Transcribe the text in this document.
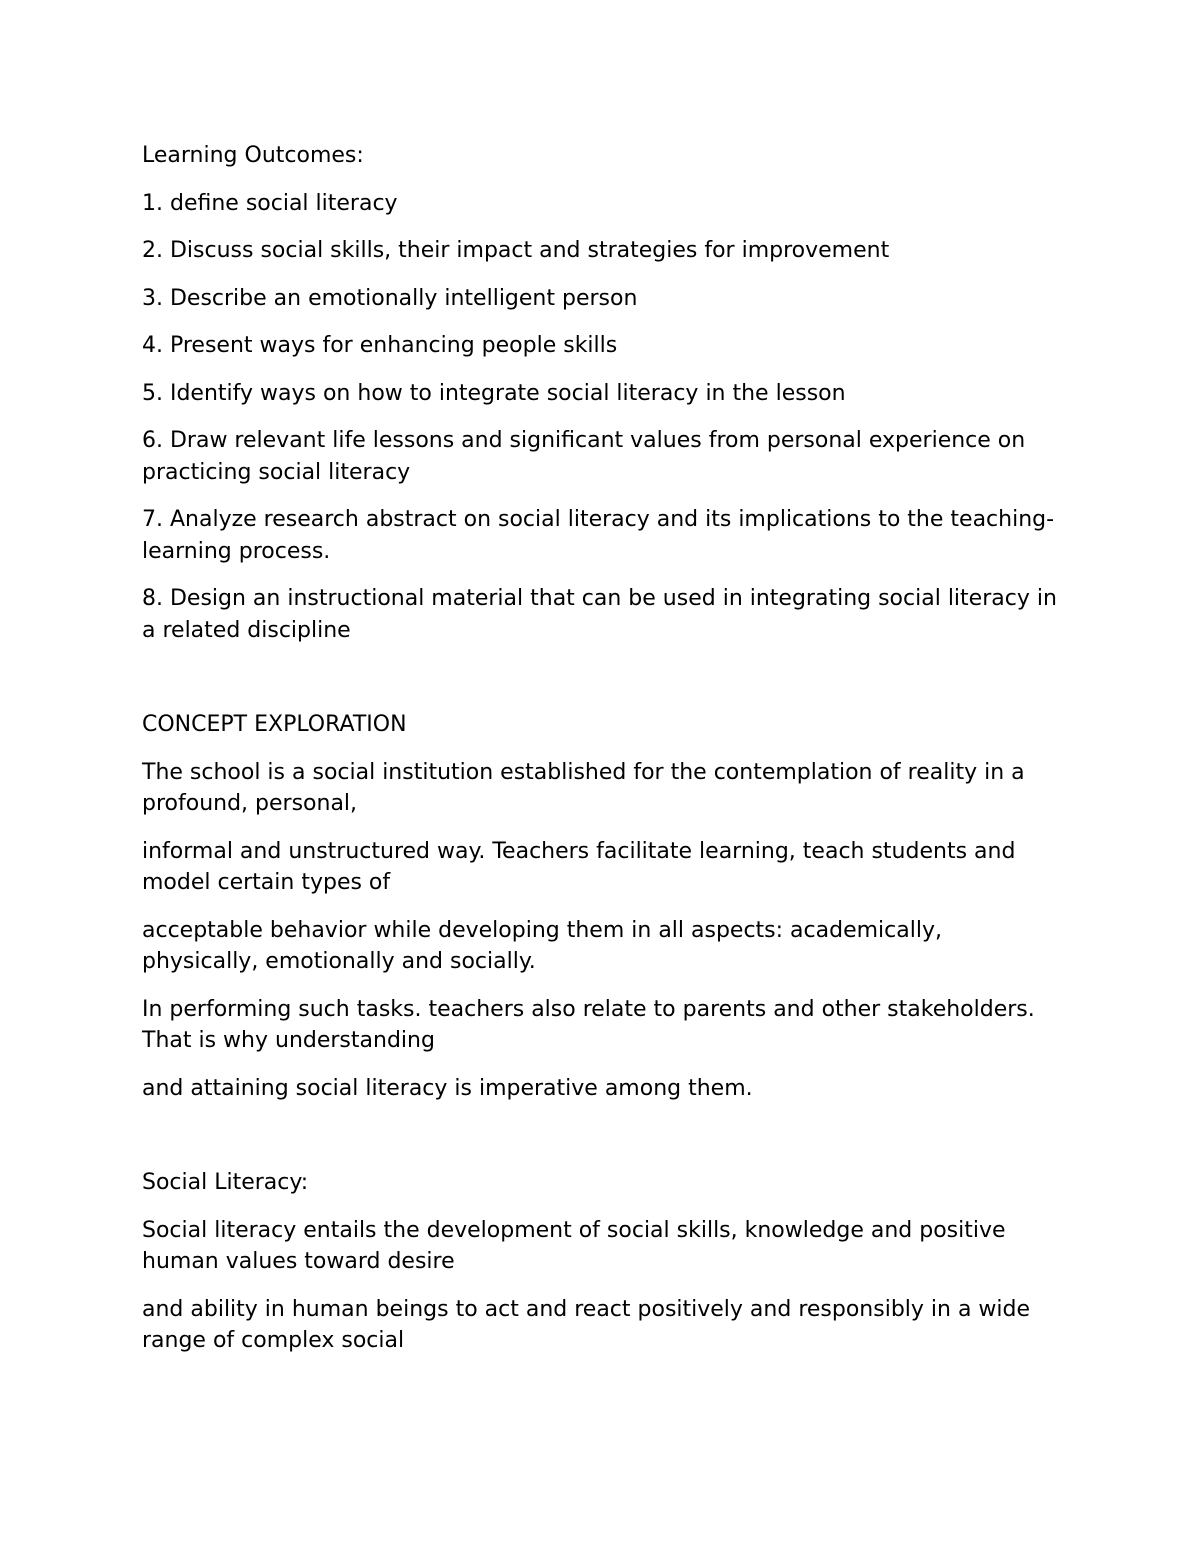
Learning Outcomes:

1. define social literacy

2. Discuss social skills, their impact and strategies for improvement

3. Describe an emotionally intelligent person

4. Present ways for enhancing people skills

5. Identify ways on how to integrate social literacy in the lesson

6. Draw relevant life lessons and significant values from personal experience on practicing social literacy

7. Analyze research abstract on social literacy and its implications to the teaching-learning process.

8. Design an instructional material that can be used in integrating social literacy in a related discipline

CONCEPT EXPLORATION

The school is a social institution established for the contemplation of reality in a profound, personal,

informal and unstructured way. Teachers facilitate learning, teach students and model certain types of

acceptable behavior while developing them in all aspects: academically, physically, emotionally and socially.

In performing such tasks. teachers also relate to parents and other stakeholders. That is why understanding

and attaining social literacy is imperative among them.

Social Literacy:

Social literacy entails the development of social skills, knowledge and positive human values toward desire

and ability in human beings to act and react positively and responsibly in a wide range of complex social
